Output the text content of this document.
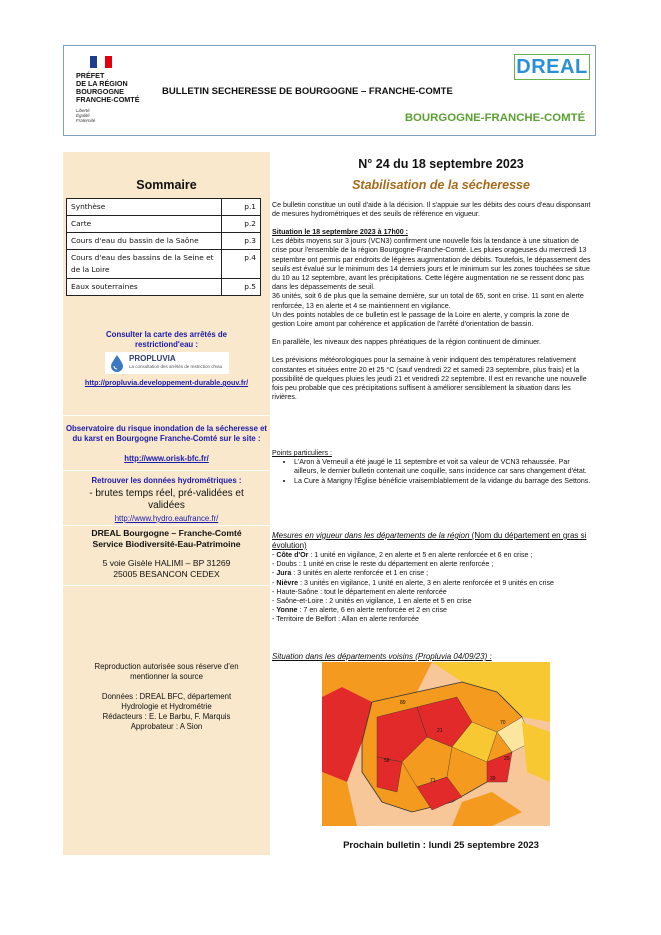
PRÉFET
DE LA RÉGION
BOURGOGNE
FRANCHE-COMTÉ
Liberté
Égalité
Fraternité
BULLETIN SECHERESSE DE BOURGOGNE – FRANCHE-COMTE
DREAL
BOURGOGNE-FRANCHE-COMTÉ
Sommaire
Synthèse	p.1
Carte	p.2
Cours d'eau du bassin de la Saône	p.3
Cours d'eau des bassins de la Seine et de la Loire	p.4
Eaux souterraines	p.5
Consulter la carte des arrêtés de restrictiond'eau :
PROPLUVIA
La consultation des arrêtés de restriction d'eau
http://propluvia.developpement-durable.gouv.fr/
Observatoire du risque inondation de la sécheresse et du karst en Bourgogne Franche-Comté sur le site :
http://www.orisk-bfc.fr/
Retrouver les données hydrométriques :
- brutes temps réel, pré-validées et validées
http://www.hydro.eaufrance.fr/
DREAL Bourgogne – Franche-Comté
Service Biodiversité-Eau-Patrimoine
5 voie Gisèle HALIMI – BP 31269
25005 BESANCON CEDEX
Reproduction autorisée sous réserve d'en mentionner la source
Données : DREAL BFC, département Hydrologie et Hydrométrie
Rédacteurs : E. Le Barbu, F. Marquis
Approbateur : A Sion
N° 24 du 18 septembre 2023
Stabilisation de la sécheresse
Ce bulletin constitue un outil d'aide à la décision. Il s'appuie sur les débits des cours d'eau disponsant de mesures hydrométriques et des seuils de référence en vigueur.

Situation le 18 septembre 2023 à 17h00 :

Les débits moyens sur 3 jours (VCN3) confirment une nouvelle fois la tendance à une situation de crise pour l'ensemble de la région Bourgogne-Franche-Comté. Les pluies orageuses du mercredi 13 septembre ont permis par endroits de légères augmentation de débits. Toutefois, le dépassement des seuils est évalué sur le minimum des 14 derniers jours et le minimum sur les zones touchées se situe du 10 au 12 septembre, avant les précipitations. Cette légère augmentation ne se ressent donc pas dans les dépassements de seuil.

36 unités, soit 6 de plus que la semaine dernière, sur un total de 65, sont en crise. 11 sont en alerte renforcée, 13 en alerte et 4 se maintiennent en vigilance.

Un des points notables de ce bulletin est le passage de la Loire en alerte, y compris la zone de gestion Loire amont par cohérence et application de l'arrêté d'orientation de bassin.

En parallèle, les niveaux des nappes phréatiques de la région continuent de diminuer.

Les prévisions météorologiques pour la semaine à venir indiquent des températures relativement constantes et situées entre 20 et 25 °C (sauf vendredi 22 et samedi 23 septembre, plus frais) et la possibilité de quelques pluies les jeudi 21 et vendredi 22 septembre. Il est en revanche une nouvelle fois peu probable que ces précipitations suffisent à améliorer sensiblement la situation dans les rivières.

Points particuliers :

• L'Aron à Verneuil a été jaugé le 11 septembre et voit sa valeur de VCN3 rehaussée. Par ailleurs, le dernier bulletin contenait une coquille, sans incidence car sans changement d'état.
• La Cure à Marigny l'Église bénéficie vraisemblablement de la vidange du barrage des Settons.
Mesures en vigueur dans les départements de la région (Nom du département en gras si évolution)

- Côte d'Or : 1 unité en vigilance, 2 en alerte et 5 en alerte renforcée et 6 en crise ;

- Doubs : 1 unité en crise le reste du département en alerte renforcée ;

- Jura : 3 unités en alerte renforcée et 1 en crise ;

- Nièvre : 3 unités en vigilance, 1 unité en alerte, 3 en alerte renforcée et 9 unités en crise

- Haute-Saône : tout le département en alerte renforcée

- Saône-et-Loire : 2 unités en vigilance, 1 en alerte et 5 en crise

- Yonne : 7 en alerte, 6 en alerte renforcée et 2 en crise

- Territoire de Belfort : Allan en alerte renforcée

Situation dans les départements voisins (Propluvia 04/09/23) :
89
21
58
71
25
39
70
Prochain bulletin : lundi 25 septembre 2023
